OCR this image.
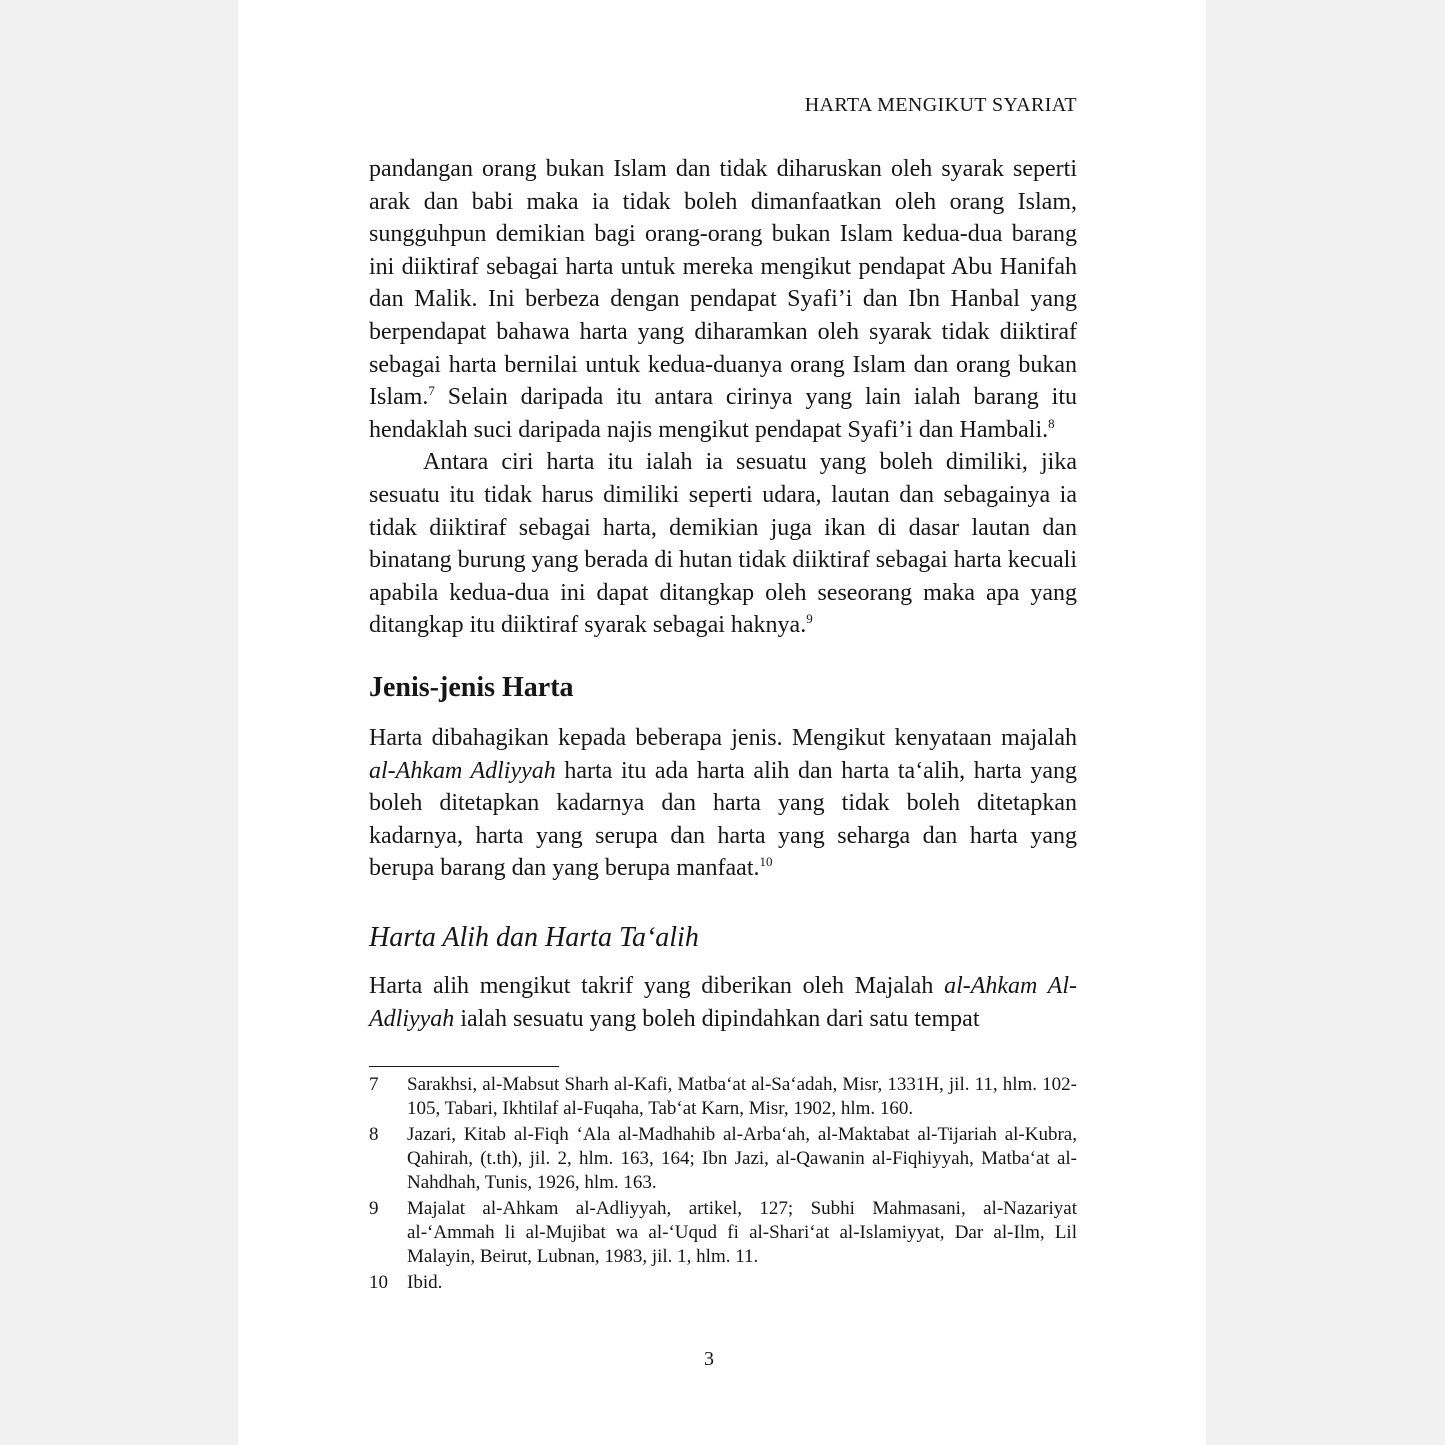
HARTA MENGIKUT SYARIAT

pandangan orang bukan Islam dan tidak diharuskan oleh syarak seperti arak dan babi maka ia tidak boleh dimanfaatkan oleh orang Islam, sungguhpun demikian bagi orang-orang bukan Islam kedua-dua barang ini diiktiraf sebagai harta untuk mereka mengikut pendapat Abu Hanifah dan Malik. Ini berbeza dengan pendapat Syafi’i dan Ibn Hanbal yang berpendapat bahawa harta yang diharamkan oleh syarak tidak diiktiraf sebagai harta bernilai untuk kedua-duanya orang Islam dan orang bukan Islam.$^7$ Selain daripada itu antara cirinya yang lain ialah barang itu hendaklah suci daripada najis mengikut pendapat Syafi’i dan Hambali.$^8$

Antara ciri harta itu ialah ia sesuatu yang boleh dimiliki, jika sesuatu itu tidak harus dimiliki seperti udara, lautan dan sebagainya ia tidak diiktiraf sebagai harta, demikian juga ikan di dasar lautan dan binatang burung yang berada di hutan tidak diiktiraf sebagai harta kecuali apabila kedua-dua ini dapat ditangkap oleh seseorang maka apa yang ditangkap itu diiktiraf syarak sebagai haknya.$^9$

Jenis-jenis Harta

Harta dibahagikan kepada beberapa jenis. Mengikut kenyataan majalah al-Ahkam Adliyyah harta itu ada harta alih dan harta ta‘alih, harta yang boleh ditetapkan kadarnya dan harta yang tidak boleh ditetapkan kadarnya, harta yang serupa dan harta yang seharga dan harta yang berupa barang dan yang berupa manfaat.$^{10}$

Harta Alih dan Harta Ta‘alih

Harta alih mengikut takrif yang diberikan oleh Majalah al-Ahkam Al-Adliyyah ialah sesuatu yang boleh dipindahkan dari satu tempat

7	Sarakhsi, al-Mabsut Sharh al-Kafi, Matba‘at al-Sa‘adah, Misr, 1331H, jil. 11, hlm. 102-105, Tabari, Ikhtilaf al-Fuqaha, Tab‘at Karn, Misr, 1902, hlm. 160.
8	Jazari, Kitab al-Fiqh ‘Ala al-Madhahib al-Arba‘ah, al-Maktabat al-Tijariah al-Kubra, Qahirah, (t.th), jil. 2, hlm. 163, 164; Ibn Jazi, al-Qawanin al-Fiqhiyyah, Matba‘at al-Nahdhah, Tunis, 1926, hlm. 163.
9	Majalat al-Ahkam al-Adliyyah, artikel, 127; Subhi Mahmasani, al-Nazariyat al-‘Ammah li al-Mujibat wa al-‘Uqud fi al-Shari‘at al-Islamiyyat, Dar al-Ilm, Lil Malayin, Beirut, Lubnan, 1983, jil. 1, hlm. 11.
10	Ibid.
3
